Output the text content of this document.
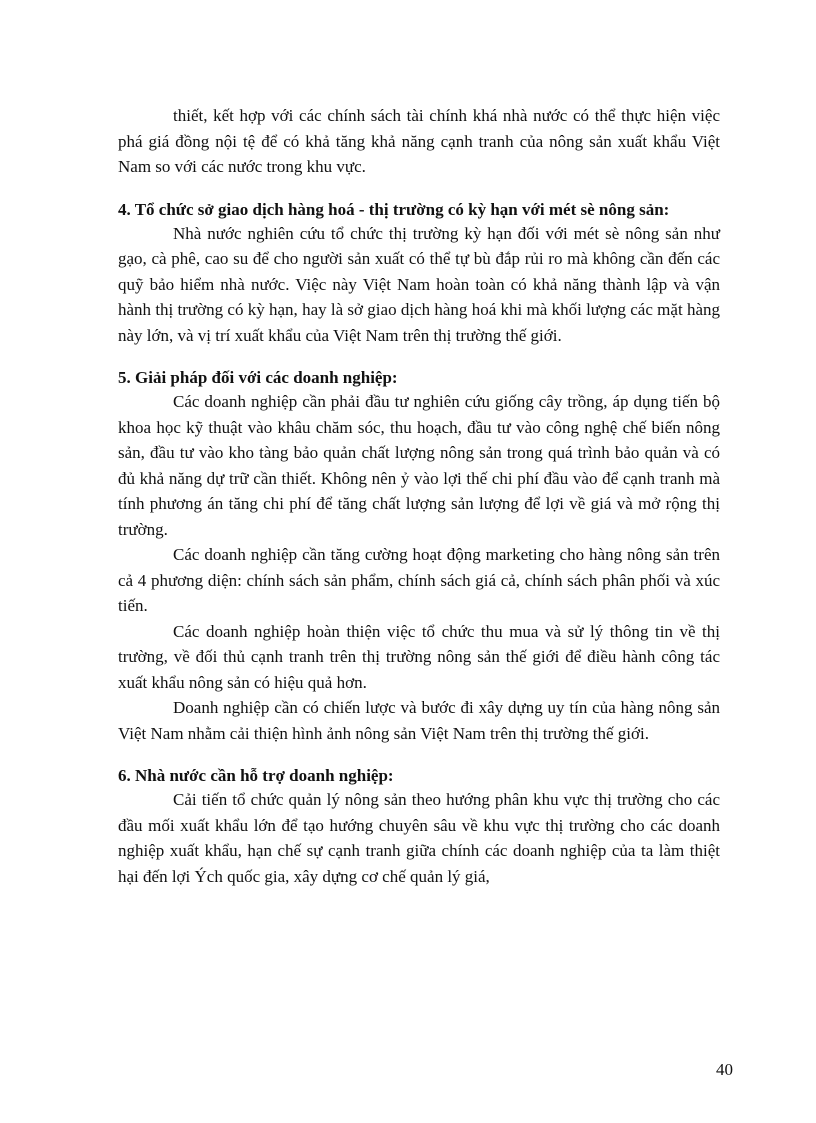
thiết, kết hợp với các chính sách tài chính khá nhà nước có thể thực hiện việc phá giá đồng nội tệ để có khả tăng khả năng cạnh tranh của nông sản xuất khẩu Việt Nam so với các nước trong khu vực.

4. Tổ chức sở giao dịch hàng hoá - thị trường có kỳ hạn với mét sè nông sản:

Nhà nước nghiên cứu tổ chức thị trường kỳ hạn đối với mét sè nông sản như gạo, cà phê, cao su để cho người sản xuất có thể tự bù đắp rủi ro mà không cần đến các quỹ bảo hiểm nhà nước. Việc này Việt Nam hoàn toàn có khả năng thành lập và vận hành thị trường có kỳ hạn, hay là sở giao dịch hàng hoá khi mà khối lượng các mặt hàng này lớn, và vị trí xuất khẩu của Việt Nam trên thị trường thế giới.

5. Giải pháp đối với các doanh nghiệp:

Các doanh nghiệp cần phải đầu tư nghiên cứu giống cây trồng, áp dụng tiến bộ khoa học kỹ thuật vào khâu chăm sóc, thu hoạch, đầu tư vào công nghệ chế biến nông sản, đầu tư vào kho tàng bảo quản chất lượng nông sản trong quá trình bảo quản và có đủ khả năng dự trữ cần thiết. Không nên ỷ vào lợi thế chi phí đầu vào để cạnh tranh mà tính phương án tăng chi phí để tăng chất lượng sản lượng để lợi về giá và mở rộng thị trường.

Các doanh nghiệp cần tăng cường hoạt động marketing cho hàng nông sản trên cả 4 phương diện: chính sách sản phẩm, chính sách giá cả, chính sách phân phối và xúc tiến.

Các doanh nghiệp hoàn thiện việc tổ chức thu mua và sử lý thông tin về thị trường, về đối thủ cạnh tranh trên thị trường nông sản thế giới để điều hành công tác xuất khẩu nông sản có hiệu quả hơn.

Doanh nghiệp cần có chiến lược và bước đi xây dựng uy tín của hàng nông sản Việt Nam nhằm cải thiện hình ảnh nông sản Việt Nam trên thị trường thế giới.

6. Nhà nước cần hỗ trợ doanh nghiệp:

Cải tiến tổ chức quản lý nông sản theo hướng phân khu vực thị trường cho các đầu mối xuất khẩu lớn để tạo hướng chuyên sâu về khu vực thị trường cho các doanh nghiệp xuất khẩu, hạn chế sự cạnh tranh giữa chính các doanh nghiệp của ta làm thiệt hại đến lợi Ých quốc gia, xây dựng cơ chế quản lý giá,

40
